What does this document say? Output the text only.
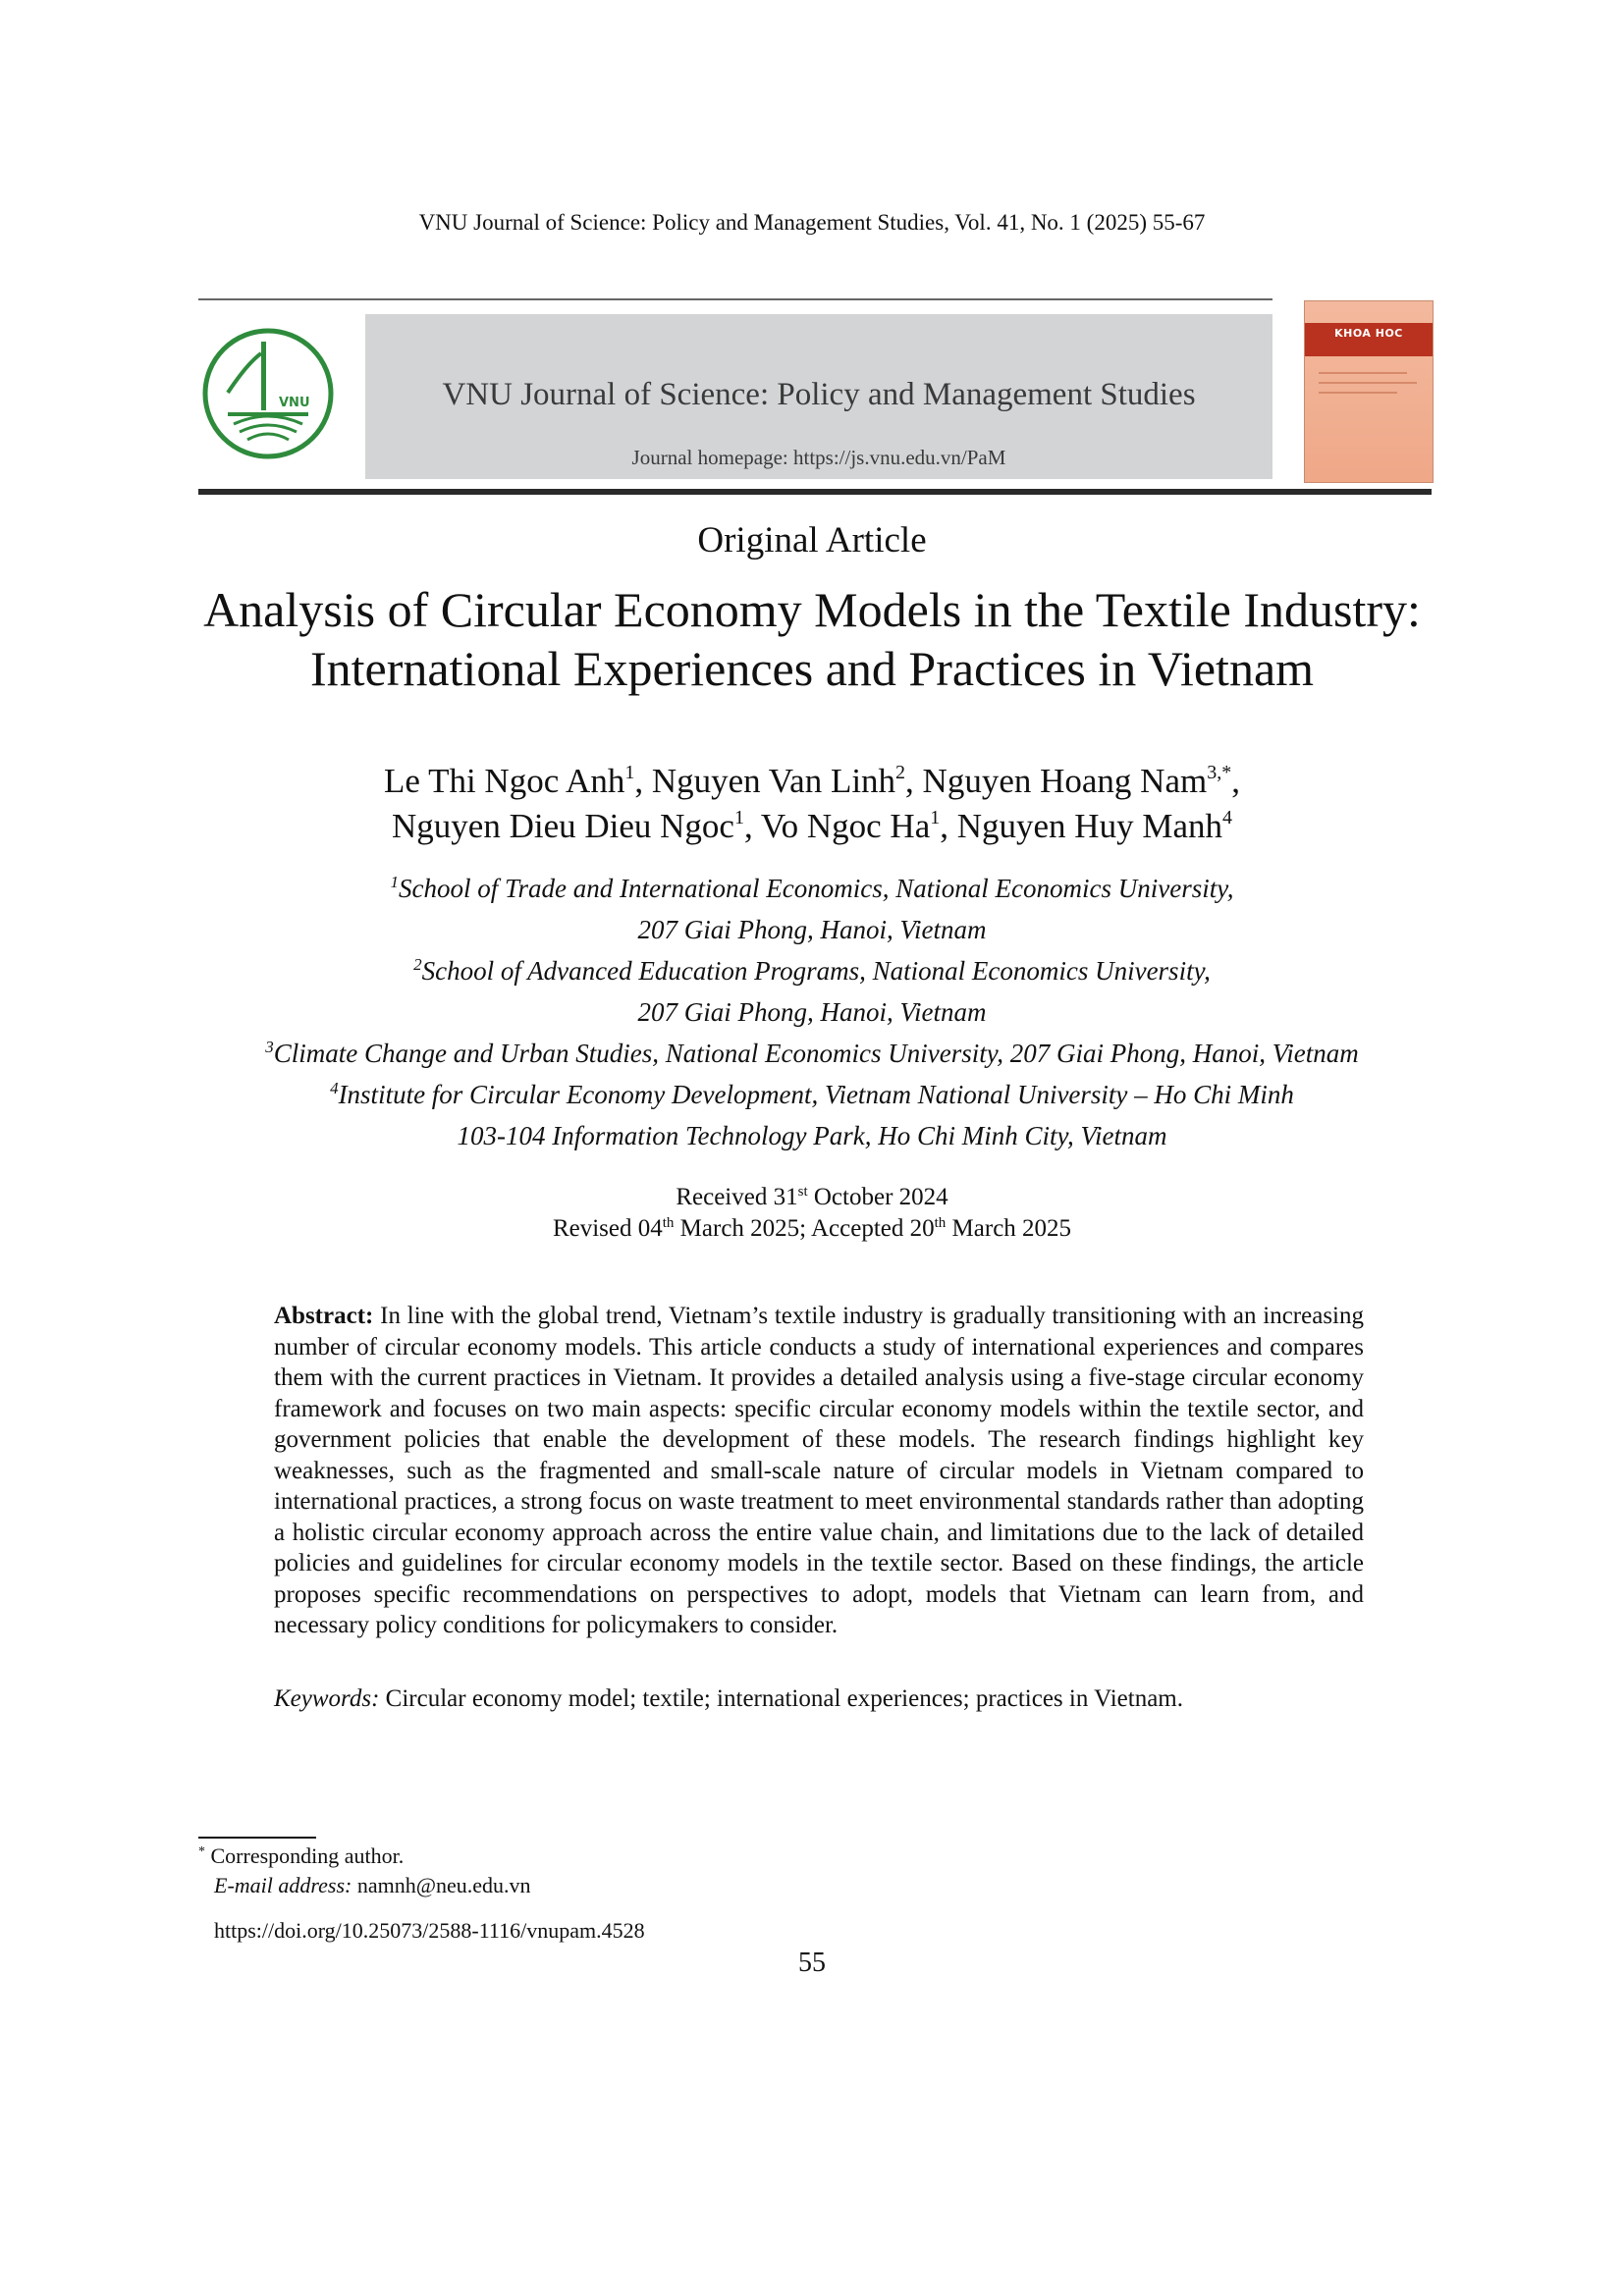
VNU Journal of Science: Policy and Management Studies, Vol. 41, No. 1 (2025) 55-67
VNU	VNU Journal of Science: Policy and Management Studies
Journal homepage: https://js.vnu.edu.vn/PaM
KHOA HOC
Original Article
Analysis of Circular Economy Models in the Textile Industry:
International Experiences and Practices in Vietnam
Le Thi Ngoc Anh$^1$, Nguyen Van Linh$^2$, Nguyen Hoang Nam$^{3,*}$,
Nguyen Dieu Dieu Ngoc$^1$, Vo Ngoc Ha$^1$, Nguyen Huy Manh$^4$
$^1$School of Trade and International Economics, National Economics University,
207 Giai Phong, Hanoi, Vietnam
$^2$School of Advanced Education Programs, National Economics University,
207 Giai Phong, Hanoi, Vietnam
$^3$Climate Change and Urban Studies, National Economics University, 207 Giai Phong, Hanoi, Vietnam
$^4$Institute for Circular Economy Development, Vietnam National University – Ho Chi Minh
103-104 Information Technology Park, Ho Chi Minh City, Vietnam
Received 31st October 2024
Revised 04th March 2025; Accepted 20th March 2025
Abstract: In line with the global trend, Vietnam’s textile industry is gradually transitioning with an increasing number of circular economy models. This article conducts a study of international experiences and compares them with the current practices in Vietnam. It provides a detailed analysis using a five-stage circular economy framework and focuses on two main aspects: specific circular economy models within the textile sector, and government policies that enable the development of these models. The research findings highlight key weaknesses, such as the fragmented and small-scale nature of circular models in Vietnam compared to international practices, a strong focus on waste treatment to meet environmental standards rather than adopting a holistic circular economy approach across the entire value chain, and limitations due to the lack of detailed policies and guidelines for circular economy models in the textile sector. Based on these findings, the article proposes specific recommendations on perspectives to adopt, models that Vietnam can learn from, and necessary policy conditions for policymakers to consider.
Keywords: Circular economy model; textile; international experiences; practices in Vietnam.
* Corresponding author.
E-mail address: namnh@neu.edu.vn
https://doi.org/10.25073/2588-1116/vnupam.4528
55
